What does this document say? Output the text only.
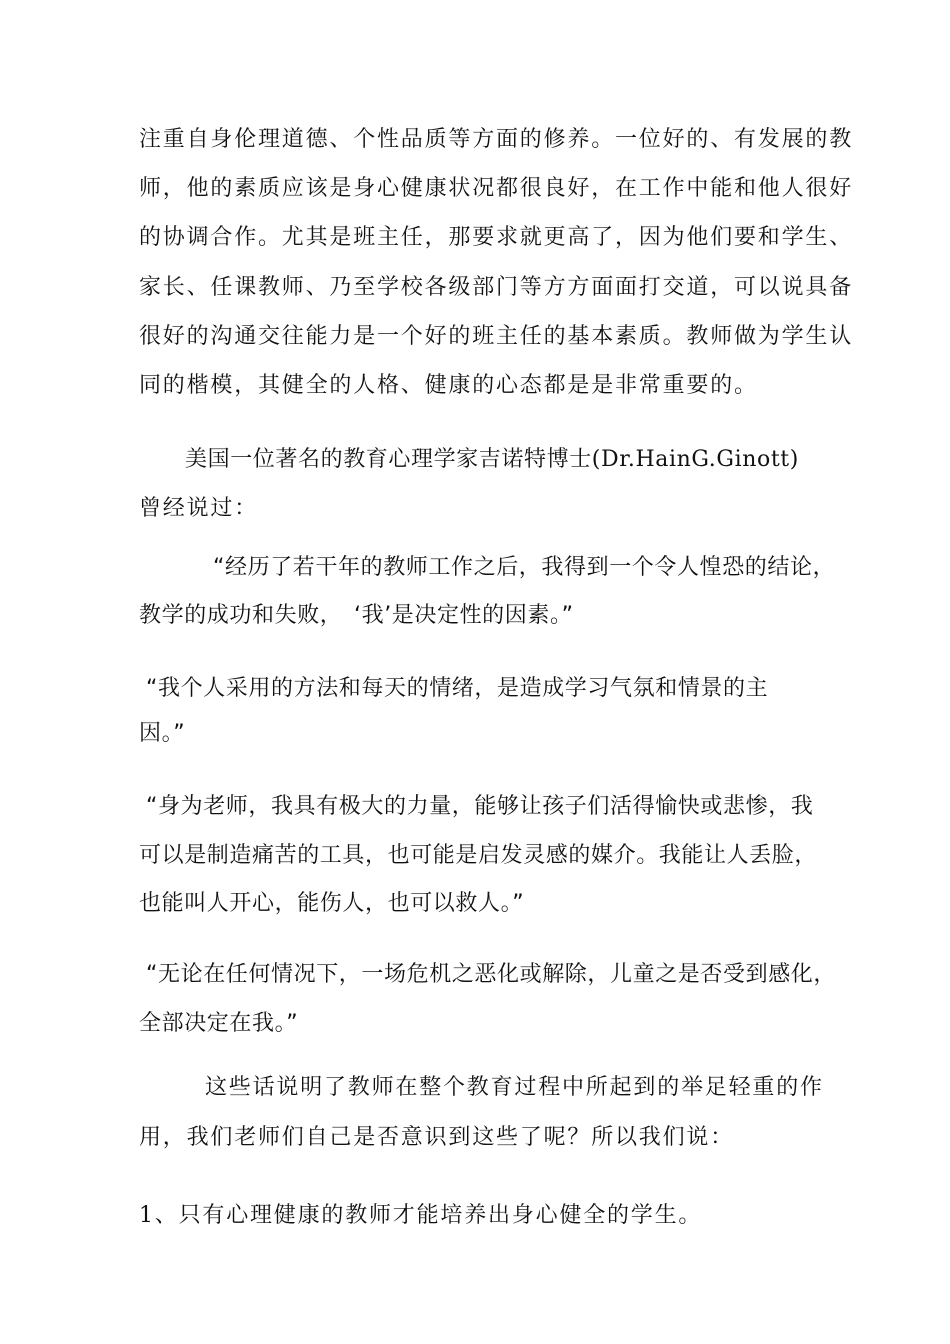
注重自身伦理道德、个性品质等方面的修养。一位好的、有发展的教
师，他的素质应该是身心健康状况都很良好，在工作中能和他人很好
的协调合作。尤其是班主任，那要求就更高了，因为他们要和学生、
家长、任课教师、乃至学校各级部门等方方面面打交道，可以说具备
很好的沟通交往能力是一个好的班主任的基本素质。教师做为学生认
同的楷模，其健全的人格、健康的心态都是是非常重要的。
美国一位著名的教育心理学家吉诺特博士(Dr.HainG.Ginott)
曾经说过：
“经历了若干年的教师工作之后，我得到一个令人惶恐的结论，
教学的成功和失败，　‘我’是决定性的因素。”
“我个人采用的方法和每天的情绪，是造成学习气氛和情景的主
因。”
“身为老师，我具有极大的力量，能够让孩子们活得愉快或悲惨，我
可以是制造痛苦的工具，也可能是启发灵感的媒介。我能让人丢脸，
也能叫人开心，能伤人，也可以救人。”
“无论在任何情况下，一场危机之恶化或解除，儿童之是否受到感化，
全部决定在我。”
这些话说明了教师在整个教育过程中所起到的举足轻重的作
用，我们老师们自己是否意识到这些了呢？所以我们说：
1、只有心理健康的教师才能培养出身心健全的学生。
